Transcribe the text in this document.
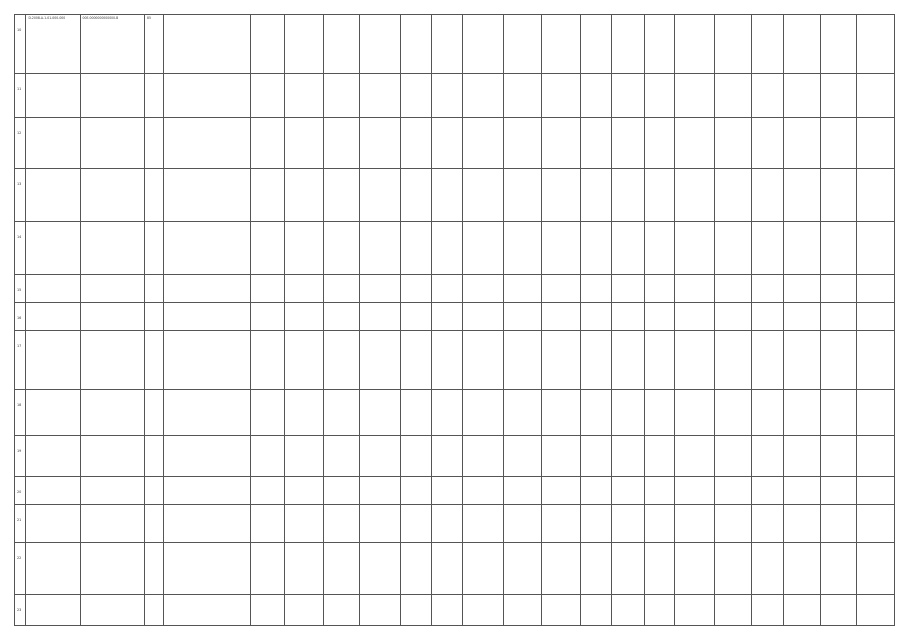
10	D-2008-А-1-01-000-000	00E-0000000000000-B	85																			

11	

12	

13	

14	

15	

16	

17	

18	

19	

20	

21	

22	

23	
